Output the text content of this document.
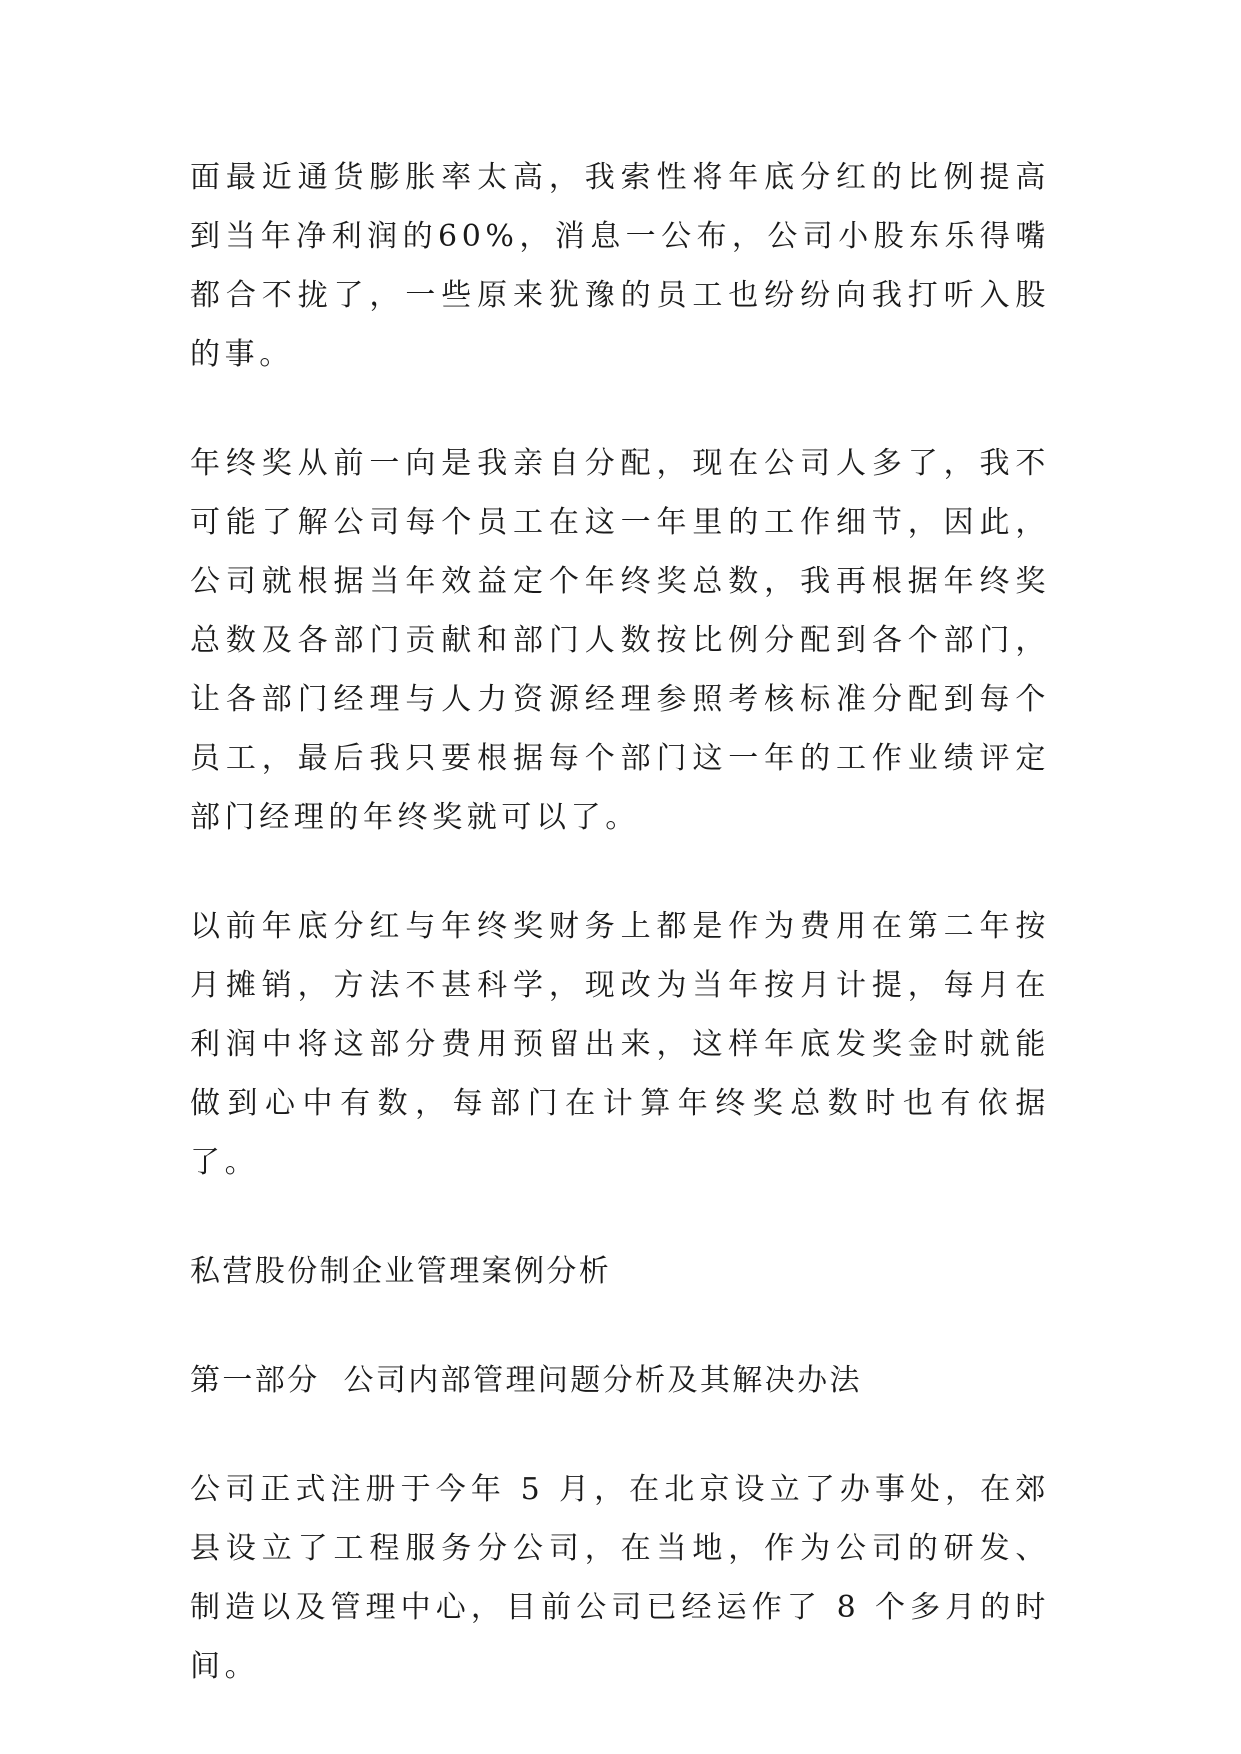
面最近通货膨胀率太高，我索性将年底分红的比例提高到当年净利润的60%，消息一公布，公司小股东乐得嘴都合不拢了，一些原来犹豫的员工也纷纷向我打听入股的事。

年终奖从前一向是我亲自分配，现在公司人多了，我不可能了解公司每个员工在这一年里的工作细节，因此，公司就根据当年效益定个年终奖总数，我再根据年终奖总数及各部门贡献和部门人数按比例分配到各个部门，让各部门经理与人力资源经理参照考核标准分配到每个员工，最后我只要根据每个部门这一年的工作业绩评定部门经理的年终奖就可以了。

以前年底分红与年终奖财务上都是作为费用在第二年按月摊销，方法不甚科学，现改为当年按月计提，每月在利润中将这部分费用预留出来，这样年底发奖金时就能做到心中有数，每部门在计算年终奖总数时也有依据了。

私营股份制企业管理案例分析

第一部分  公司内部管理问题分析及其解决办法

公司正式注册于今年 5 月，在北京设立了办事处，在郊县设立了工程服务分公司，在当地，作为公司的研发、制造以及管理中心，目前公司已经运作了 8 个多月的时间。
